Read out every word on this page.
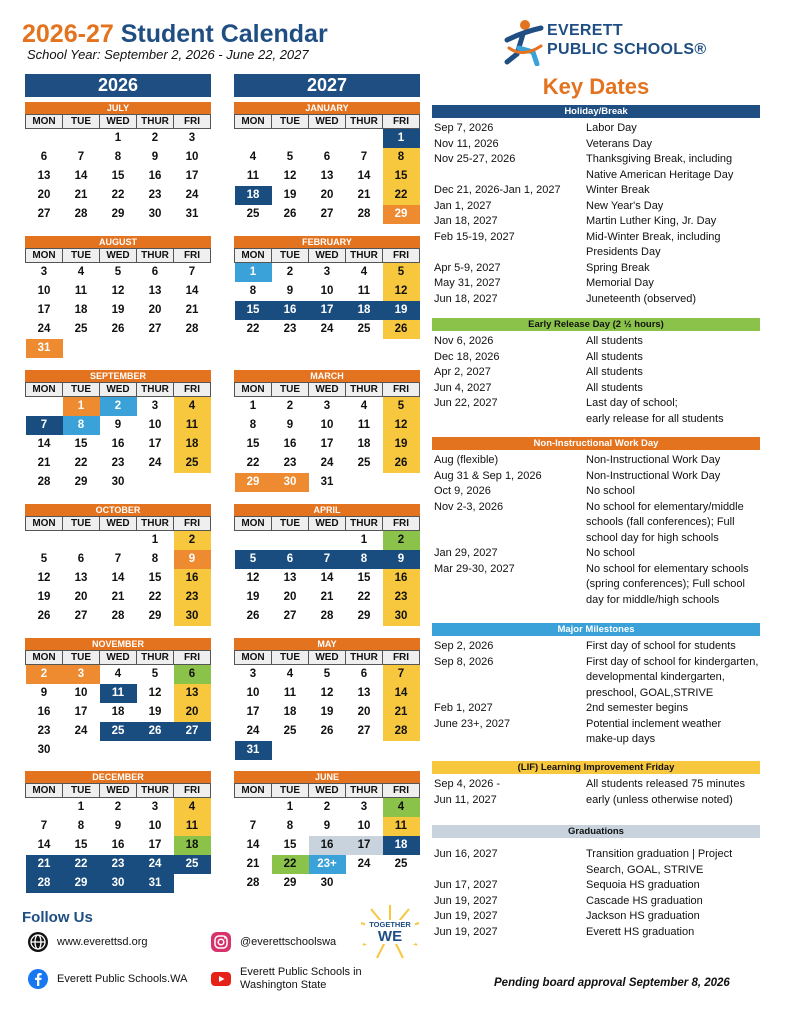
2026-27 Student Calendar
School Year: September 2, 2026 - June 22, 2027
EVERETT
PUBLIC SCHOOLS®
2026	2027
JULY
MON	TUE	WED	THUR	FRI
		1	2	3
6	7	8	9	10
13	14	15	16	17
20	21	22	23	24
27	28	29	30	31
AUGUST
MON	TUE	WED	THUR	FRI
3	4	5	6	7
10	11	12	13	14
17	18	19	20	21
24	25	26	27	28
31				
SEPTEMBER
MON	TUE	WED	THUR	FRI
	1	2	3	4
7	8	9	10	11
14	15	16	17	18
21	22	23	24	25
28	29	30		
OCTOBER
MON	TUE	WED	THUR	FRI
			1	2
5	6	7	8	9
12	13	14	15	16
19	20	21	22	23
26	27	28	29	30
NOVEMBER
MON	TUE	WED	THUR	FRI
2	3	4	5	6
9	10	11	12	13
16	17	18	19	20
23	24	25	26	27
30				
DECEMBER
MON	TUE	WED	THUR	FRI
	1	2	3	4
7	8	9	10	11
14	15	16	17	18
21	22	23	24	25
28	29	30	31	
JANUARY
MON	TUE	WED	THUR	FRI
				1
4	5	6	7	8
11	12	13	14	15
18	19	20	21	22
25	26	27	28	29
FEBRUARY
MON	TUE	WED	THUR	FRI
1	2	3	4	5
8	9	10	11	12
15	16	17	18	19
22	23	24	25	26
MARCH
MON	TUE	WED	THUR	FRI
1	2	3	4	5
8	9	10	11	12
15	16	17	18	19
22	23	24	25	26
29	30	31		
APRIL
MON	TUE	WED	THUR	FRI
			1	2
5	6	7	8	9
12	13	14	15	16
19	20	21	22	23
26	27	28	29	30
MAY
MON	TUE	WED	THUR	FRI
3	4	5	6	7
10	11	12	13	14
17	18	19	20	21
24	25	26	27	28
31				
JUNE
MON	TUE	WED	THUR	FRI
	1	2	3	4
7	8	9	10	11
14	15	16	17	18
21	22	23+	24	25
28	29	30		
Key Dates
Holiday/Break
Sep 7, 2026	Labor Day
Nov 11, 2026	Veterans Day
Nov 25-27, 2026	Thanksgiving Break, including
Native American Heritage Day
Dec 21, 2026-Jan 1, 2027	Winter Break
Jan 1, 2027	New Year's Day
Jan 18, 2027	Martin Luther King, Jr. Day
Feb 15-19, 2027	Mid-Winter Break, including
Presidents Day
Apr 5-9, 2027	Spring Break
May 31, 2027	Memorial Day
Jun 18, 2027	Juneteenth (observed)
Early Release Day (2 ½ hours)
Nov 6, 2026	All students
Dec 18, 2026	All students
Apr 2, 2027	All students
Jun 4, 2027	All students
Jun 22, 2027	Last day of school;
early release for all students
Non-Instructional Work Day
Aug (flexible)	Non-Instructional Work Day
Aug 31 & Sep 1, 2026	Non-Instructional Work Day
Oct 9, 2026	No school
Nov 2-3, 2026	No school for elementary/middle
schools (fall conferences); Full
school day for high schools
Jan 29, 2027	No school
Mar 29-30, 2027	No school for elementary schools
(spring conferences); Full school
day for middle/high schools
Major Milestones
Sep 2, 2026	First day of school for students
Sep 8, 2026	First day of school for kindergarten,
developmental kindergarten,
preschool, GOAL,STRIVE
Feb 1, 2027	2nd semester begins
June 23+, 2027	Potential inclement weather
make-up days
(LIF) Learning Improvement Friday
Sep 4, 2026 -	All students released 75 minutes
Jun 11, 2027	early (unless otherwise noted)
Graduations
Jun 16, 2027	Transition graduation | Project
Search, GOAL, STRIVE
Jun 17, 2027	Sequoia HS graduation
Jun 19, 2027	Cascade HS graduation
Jun 19, 2027	Jackson HS graduation
Jun 19, 2027	Everett HS graduation
Follow Us
www.everettsd.org
Everett Public Schools.WA
@everettschoolswa
Everett Public Schools in
Washington State
TOGETHER
WE
Pending board approval September 8, 2026
